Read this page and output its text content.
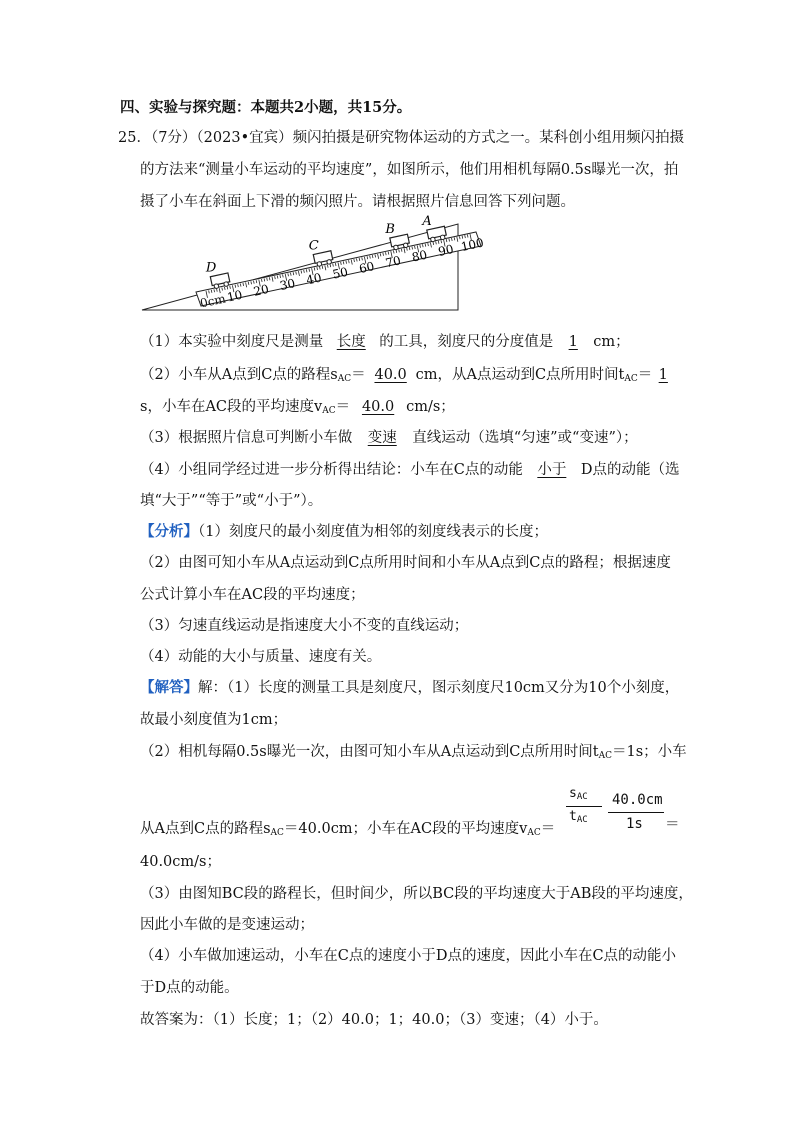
四、实验与探究题：本题共2小题，共15分。
25．（7分）（2023•宜宾）频闪拍摄是研究物体运动的方式之一。某科创小组用频闪拍摄
的方法来“测量小车运动的平均速度”，如图所示，他们用相机每隔0.5s曝光一次，拍
摄了小车在斜面上下滑的频闪照片。请根据照片信息回答下列问题。
10 20 30 40 50 60 70 80 90 100
0cm
D
C
B
A
（1）本实验中刻度尺是测量 长度 的工具，刻度尺的分度值是 1 cm；
（2）小车从A点到C点的路程$s_{AC}= 40.0$ cm，从A点运动到C点所用时间$t_{AC}= 1$
s，小车在AC段的平均速度$v_{AC}= 40.0$ cm/s；
（3）根据照片信息可判断小车做 变速 直线运动（选填“匀速”或“变速”）；
（4）小组同学经过进一步分析得出结论：小车在C点的动能 小于 D点的动能（选
填“大于”“等于”或“小于”）。
【分析】（1）刻度尺的最小刻度值为相邻的刻度线表示的长度；
（2）由图可知小车从A点运动到C点所用时间和小车从A点到C点的路程；根据速度
公式计算小车在AC段的平均速度；
（3）匀速直线运动是指速度大小不变的直线运动；
（4）动能的大小与质量、速度有关。
【解答】解：（1）长度的测量工具是刻度尺，图示刻度尺10cm又分为10个小刻度，
故最小刻度值为1cm；
（2）相机每隔0.5s曝光一次，由图可知小车从A点运动到C点所用时间$t_{AC}=1s$；小车
从A点到C点的路程$s_{AC}=40.0cm$；小车在AC段的平均速度$v_{AC}=$
$s_{AC}$
$t_{AC}$
40.0cm
1s ＝
40.0cm/s；
（3）由图知BC段的路程长，但时间少，所以BC段的平均速度大于AB段的平均速度，
因此小车做的是变速运动；
（4）小车做加速运动，小车在C点的速度小于D点的速度，因此小车在C点的动能小
于D点的动能。
故答案为：（1）长度；1；（2）40.0；1；40.0；（3）变速；（4）小于。
